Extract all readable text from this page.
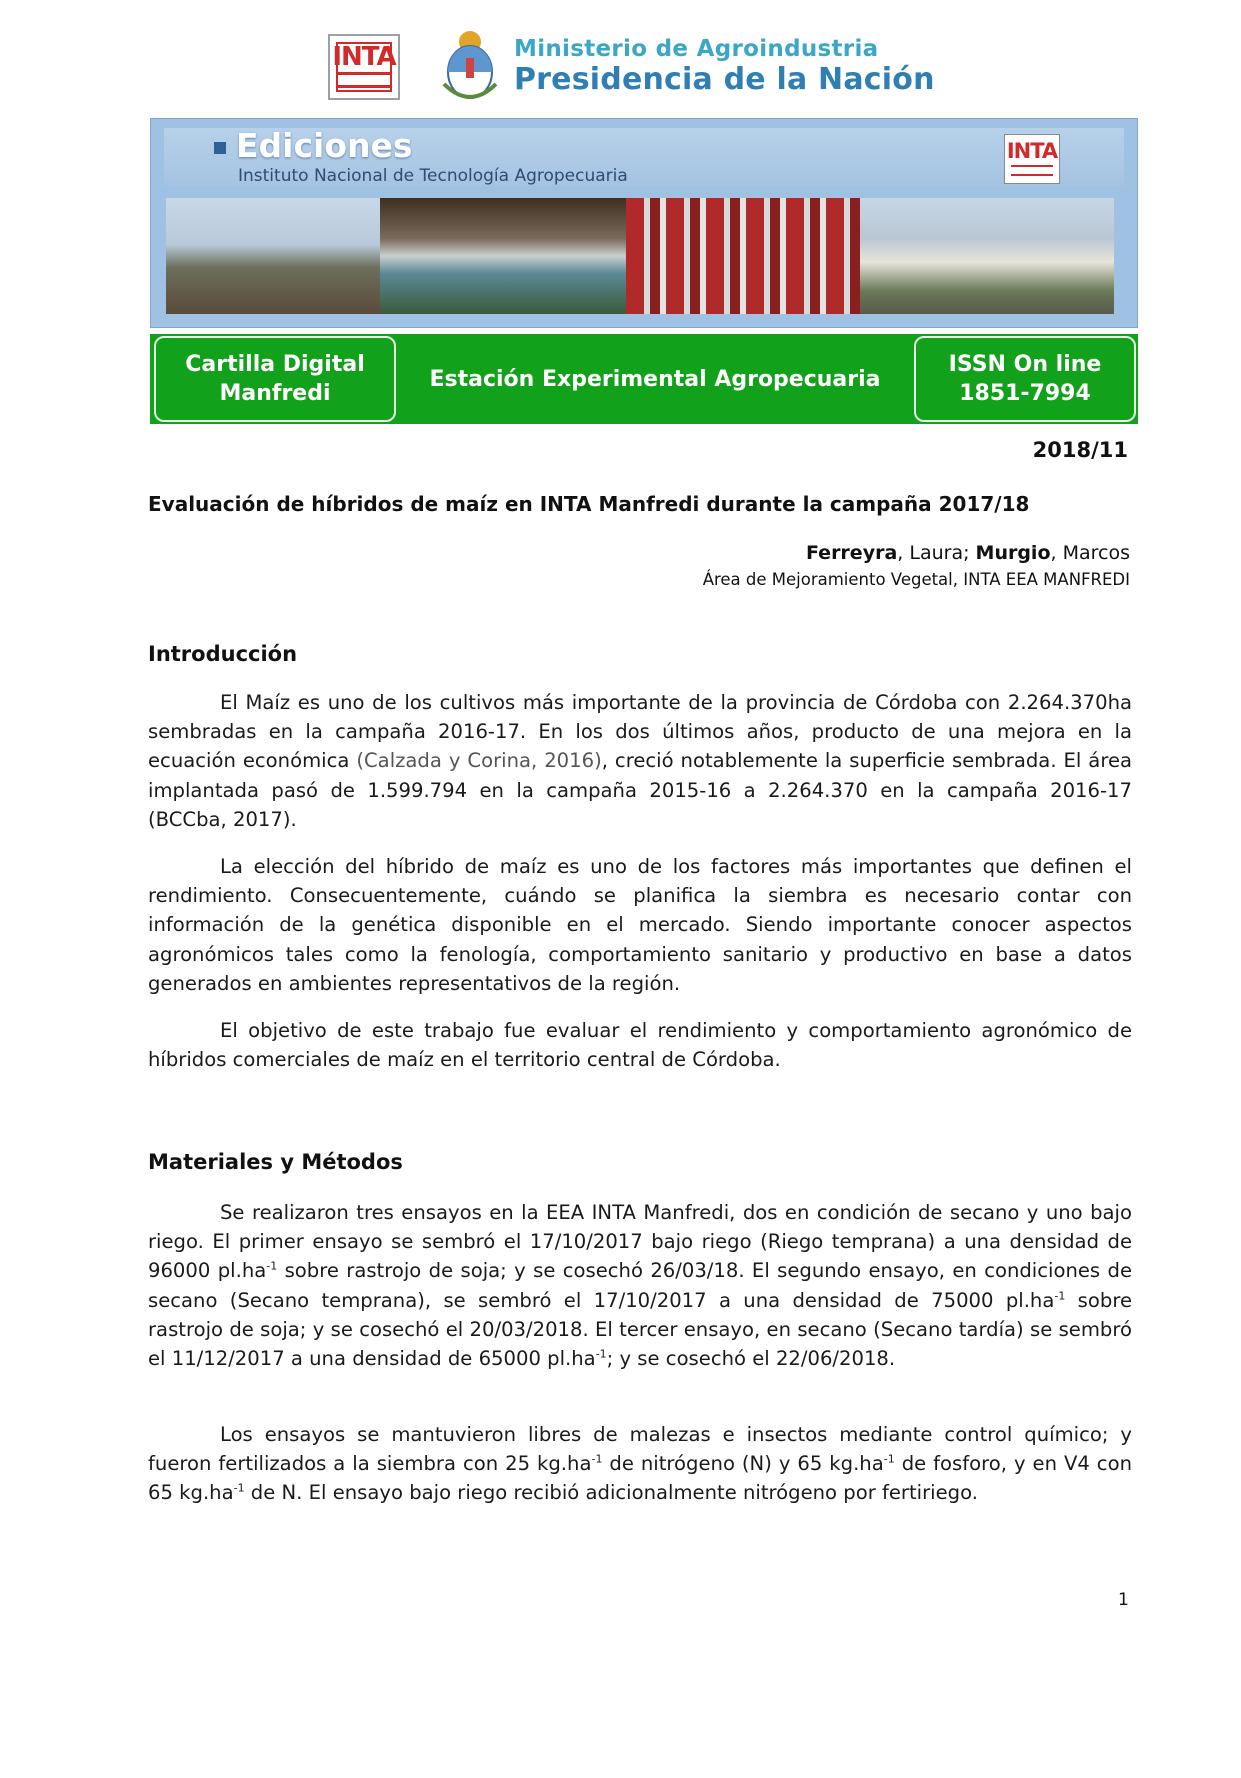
INTA	Ministerio de Agroindustria
Presidencia de la Nación
Ediciones
Instituto Nacional de Tecnología Agropecuaria
INTA
Cartilla Digital Manfredi
Estación Experimental Agropecuaria
ISSN On line 1851-7994
2018/11
Evaluación de híbridos de maíz en INTA Manfredi durante la campaña 2017/18
Ferreyra, Laura; Murgio, Marcos
Área de Mejoramiento Vegetal, INTA EEA MANFREDI
Introducción
El Maíz es uno de los cultivos más importante de la provincia de Córdoba con 2.264.370ha sembradas en la campaña 2016-17. En los dos últimos años, producto de una mejora en la ecuación económica (Calzada y Corina, 2016), creció notablemente la superficie sembrada. El área implantada pasó de 1.599.794 en la campaña 2015-16 a 2.264.370 en la campaña 2016-17 (BCCba, 2017).
La elección del híbrido de maíz es uno de los factores más importantes que definen el rendimiento. Consecuentemente, cuándo se planifica la siembra es necesario contar con información de la genética disponible en el mercado. Siendo importante conocer aspectos agronómicos tales como la fenología, comportamiento sanitario y productivo en base a datos generados en ambientes representativos de la región.
El objetivo de este trabajo fue evaluar el rendimiento y comportamiento agronómico de híbridos comerciales de maíz en el territorio central de Córdoba.
Materiales y Métodos
Se realizaron tres ensayos en la EEA INTA Manfredi, dos en condición de secano y uno bajo riego. El primer ensayo se sembró el 17/10/2017 bajo riego (Riego temprana) a una densidad de 96000 $pl.ha^{-1}$ sobre rastrojo de soja; y se cosechó 26/03/18. El segundo ensayo, en condiciones de secano (Secano temprana), se sembró el 17/10/2017 a una densidad de 75000 $pl.ha^{-1}$ sobre rastrojo de soja; y se cosechó el 20/03/2018. El tercer ensayo, en secano (Secano tardía) se sembró el 11/12/2017 a una densidad de 65000 $pl.ha^{-1}$; y se cosechó el 22/06/2018.
Los ensayos se mantuvieron libres de malezas e insectos mediante control químico; y fueron fertilizados a la siembra con 25 $kg.ha^{-1}$ de nitrógeno (N) y 65 $kg.ha^{-1}$ de fosforo, y en V4 con 65 $kg.ha^{-1}$ de N. El ensayo bajo riego recibió adicionalmente nitrógeno por fertiriego.
1
